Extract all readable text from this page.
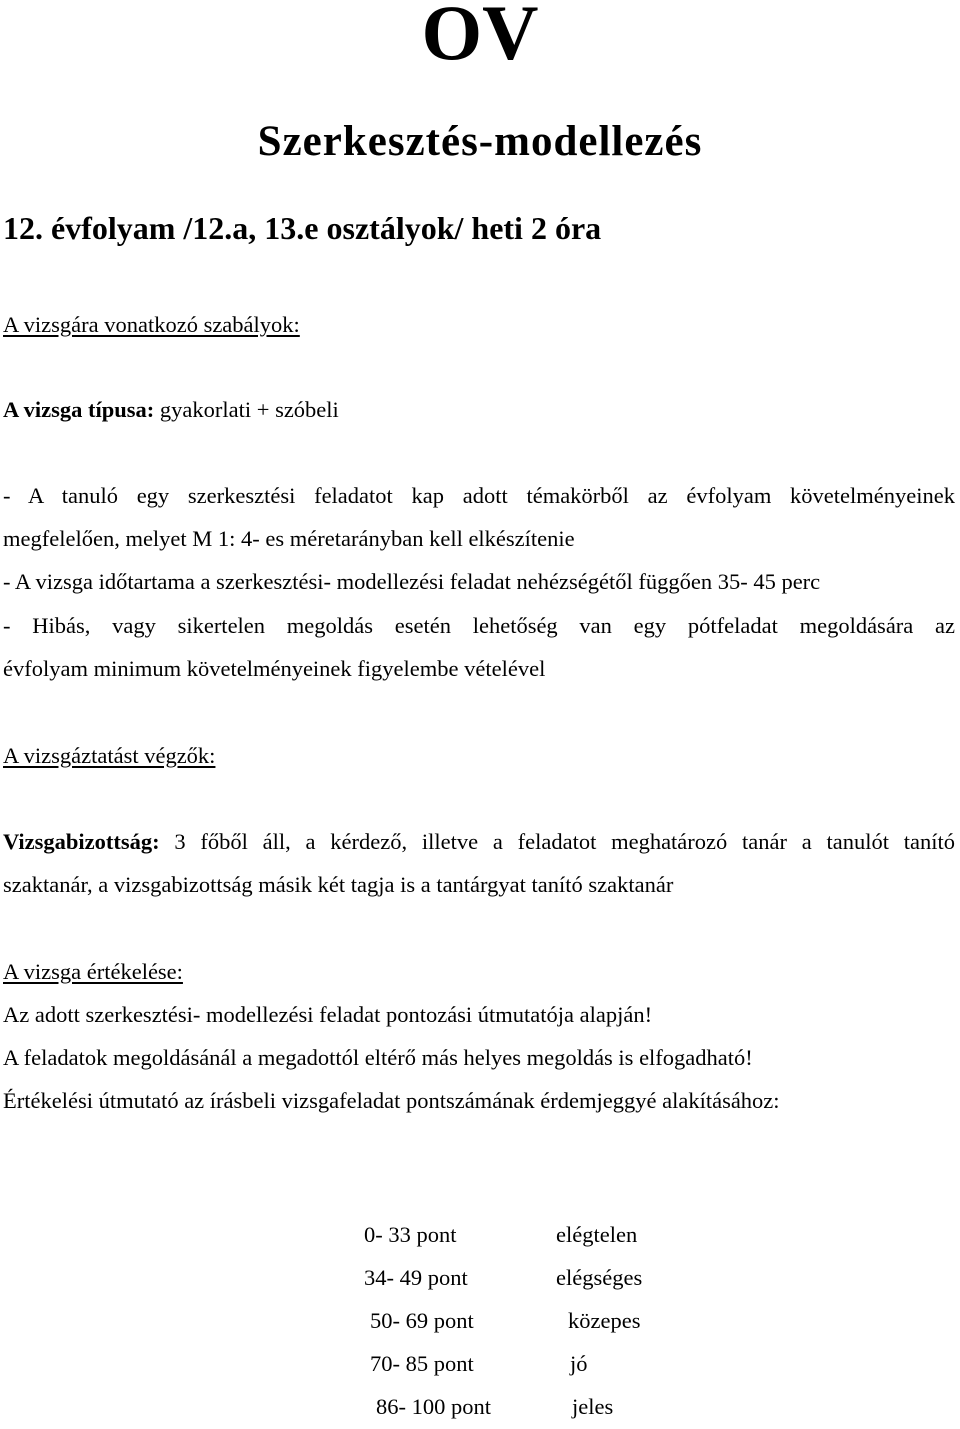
OV
Szerkesztés-modellezés
12. évfolyam /12.a, 13.e osztályok/ heti 2 óra
A vizsgára vonatkozó szabályok:
A vizsga típusa: gyakorlati + szóbeli
- A tanuló egy szerkesztési feladatot kap adott témakörből az évfolyam követelményeinek
megfelelően, melyet M 1: 4- es méretarányban kell elkészítenie
- A vizsga időtartama a szerkesztési- modellezési feladat nehézségétől függően 35- 45 perc
- Hibás, vagy sikertelen megoldás esetén lehetőség van egy pótfeladat megoldására az
évfolyam minimum követelményeinek figyelembe vételével
A vizsgáztatást végzők:
Vizsgabizottság: 3 főből áll, a kérdező, illetve a feladatot meghatározó tanár a tanulót tanító
szaktanár, a vizsgabizottság másik két tagja is a tantárgyat tanító szaktanár
A vizsga értékelése:
Az adott szerkesztési- modellezési feladat pontozási útmutatója alapján!
A feladatok megoldásánál a megadottól eltérő más helyes megoldás is elfogadható!
Értékelési útmutató az írásbeli vizsgafeladat pontszámának érdemjeggyé alakításához:
0- 33 pont	elégtelen
34- 49 pont	elégséges
50- 69 pont	közepes
70- 85 pont	jó
86- 100 pont	jeles
